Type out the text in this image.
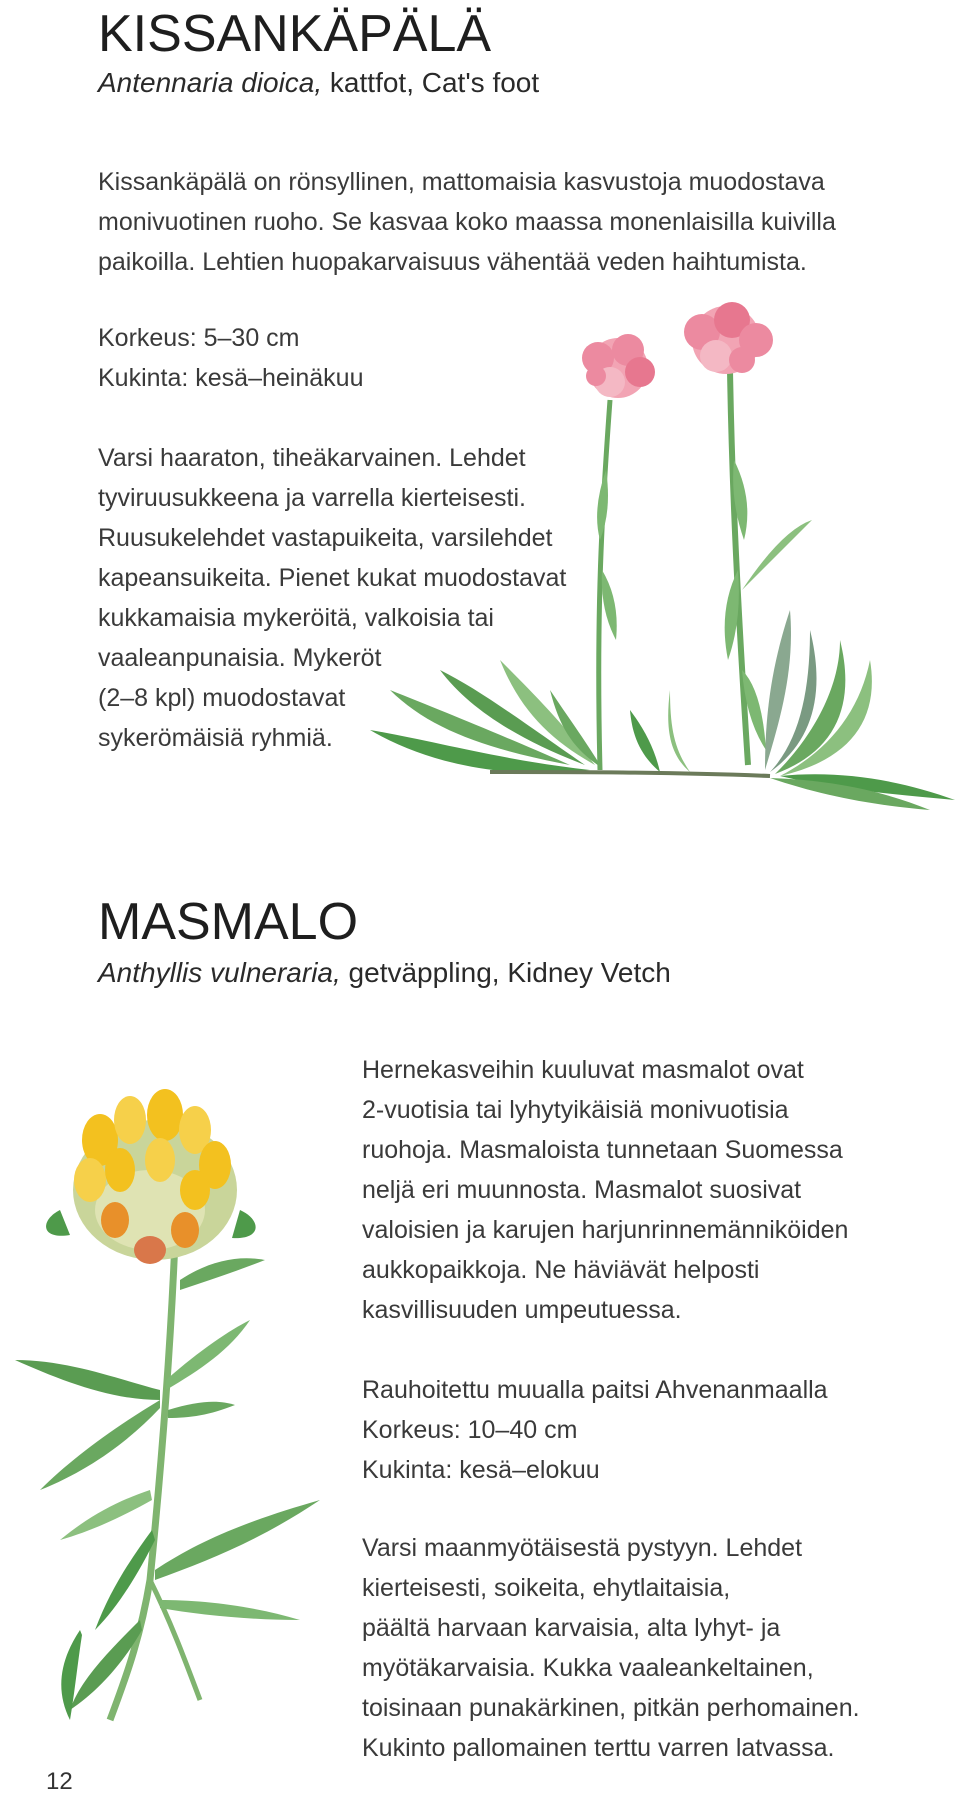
KISSANKÄPÄLÄ
Antennaria dioica, kattfot, Cat's foot
Kissankäpälä on rönsyllinen, mattomaisia kasvustoja muodostava
monivuotinen ruoho. Se kasvaa koko maassa monenlaisilla kuivilla
paikoilla. Lehtien huopakarvaisuus vähentää veden haihtumista.
Korkeus: 5–30 cm
Kukinta: kesä–heinäkuu
Varsi haaraton, tiheäkarvainen. Lehdet
tyviruusukkeena ja varrella kierteisesti.
Ruusukelehdet vastapuikeita, varsilehdet
kapeansuikeita. Pienet kukat muodostavat
kukkamaisia mykeröitä, valkoisia tai
vaaleanpunaisia. Mykeröt
(2–8 kpl) muodostavat
sykerömäisiä ryhmiä.
MASMALO
Anthyllis vulneraria, getväppling, Kidney Vetch
Hernekasveihin kuuluvat masmalot ovat
2-vuotisia tai lyhytyikäisiä monivuotisia
ruohoja. Masmaloista tunnetaan Suomessa
neljä eri muunnosta. Masmalot suosivat
valoisien ja karujen harjunrinnemänniköiden
aukkopaikkoja. Ne häviävät helposti
kasvillisuuden umpeutuessa.
Rauhoitettu muualla paitsi Ahvenanmaalla
Korkeus: 10–40 cm
Kukinta: kesä–elokuu
Varsi maanmyötäisestä pystyyn. Lehdet
kierteisesti, soikeita, ehytlaitaisia,
päältä harvaan karvaisia, alta lyhyt- ja
myötäkarvaisia. Kukka vaaleankeltainen,
toisinaan punakärkinen, pitkän perhomainen.
Kukinto pallomainen terttu varren latvassa.
12
